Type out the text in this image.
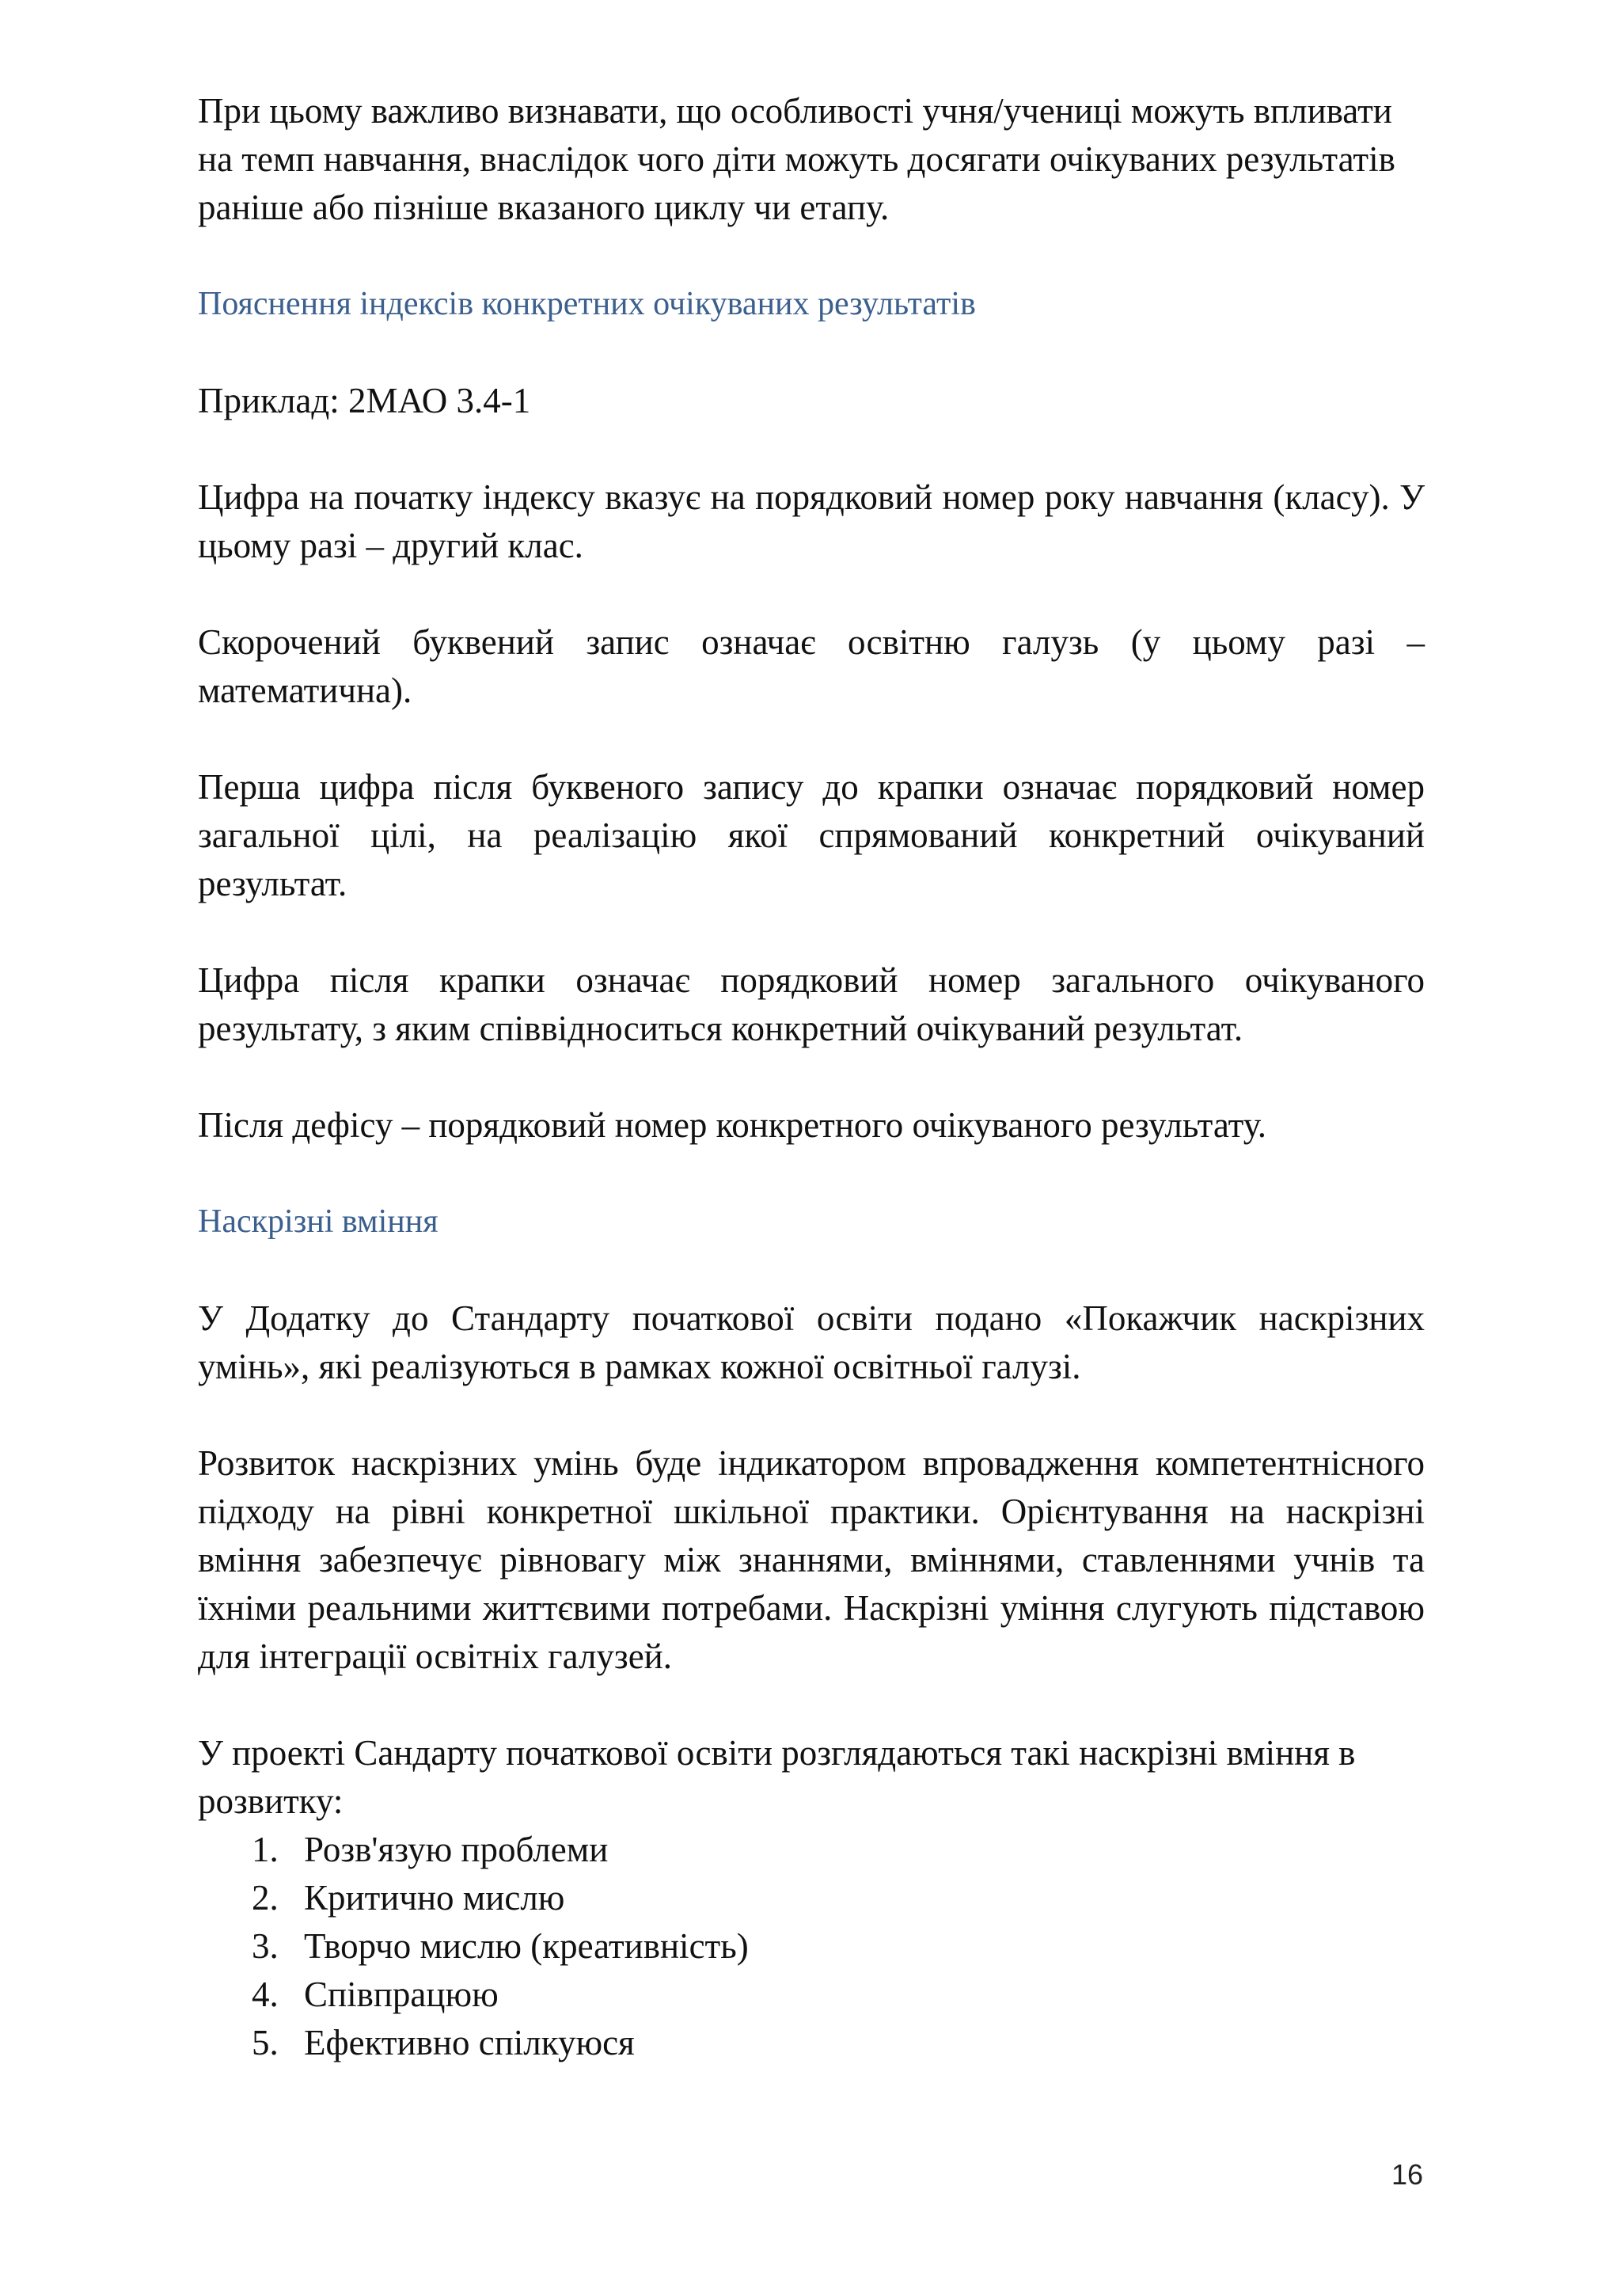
При цьому важливо визнавати, що особливості учня/учениці можуть впливати на темп навчання, внаслідок чого діти можуть досягати очікуваних результатів раніше або пізніше вказаного циклу чи етапу.

Пояснення індексів конкретних очікуваних результатів

Приклад: 2МАО 3.4-1

Цифра на початку індексу вказує на порядковий номер року навчання (класу). У цьому разі – другий клас.

Скорочений буквений запис означає освітню галузь (у цьому разі – математична).

Перша цифра після буквеного запису до крапки означає порядковий номер загальної цілі, на реалізацію якої спрямований конкретний очікуваний результат.

Цифра після крапки означає порядковий номер загального очікуваного результату, з яким співвідноситься конкретний очікуваний результат.

Після дефісу – порядковий номер конкретного очікуваного результату.

Наскрізні вміння

У Додатку до Стандарту початкової освіти подано «Покажчик наскрізних умінь», які реалізуються в рамках кожної освітньої галузі.

Розвиток наскрізних умінь буде індикатором впровадження компетентнісного підходу на рівні конкретної шкільної практики. Орієнтування на наскрізні вміння забезпечує рівновагу між знаннями, вміннями, ставленнями учнів та їхніми реальними життєвими потребами. Наскрізні уміння слугують підставою для інтеграції освітніх галузей.

У проекті Сандарту початкової освіти розглядаються такі наскрізні вміння в розвитку:

1. Розв'язую проблеми
2. Критично мислю
3. Творчо мислю (креативність)
4. Співпрацюю
5. Ефективно спілкуюся
16
